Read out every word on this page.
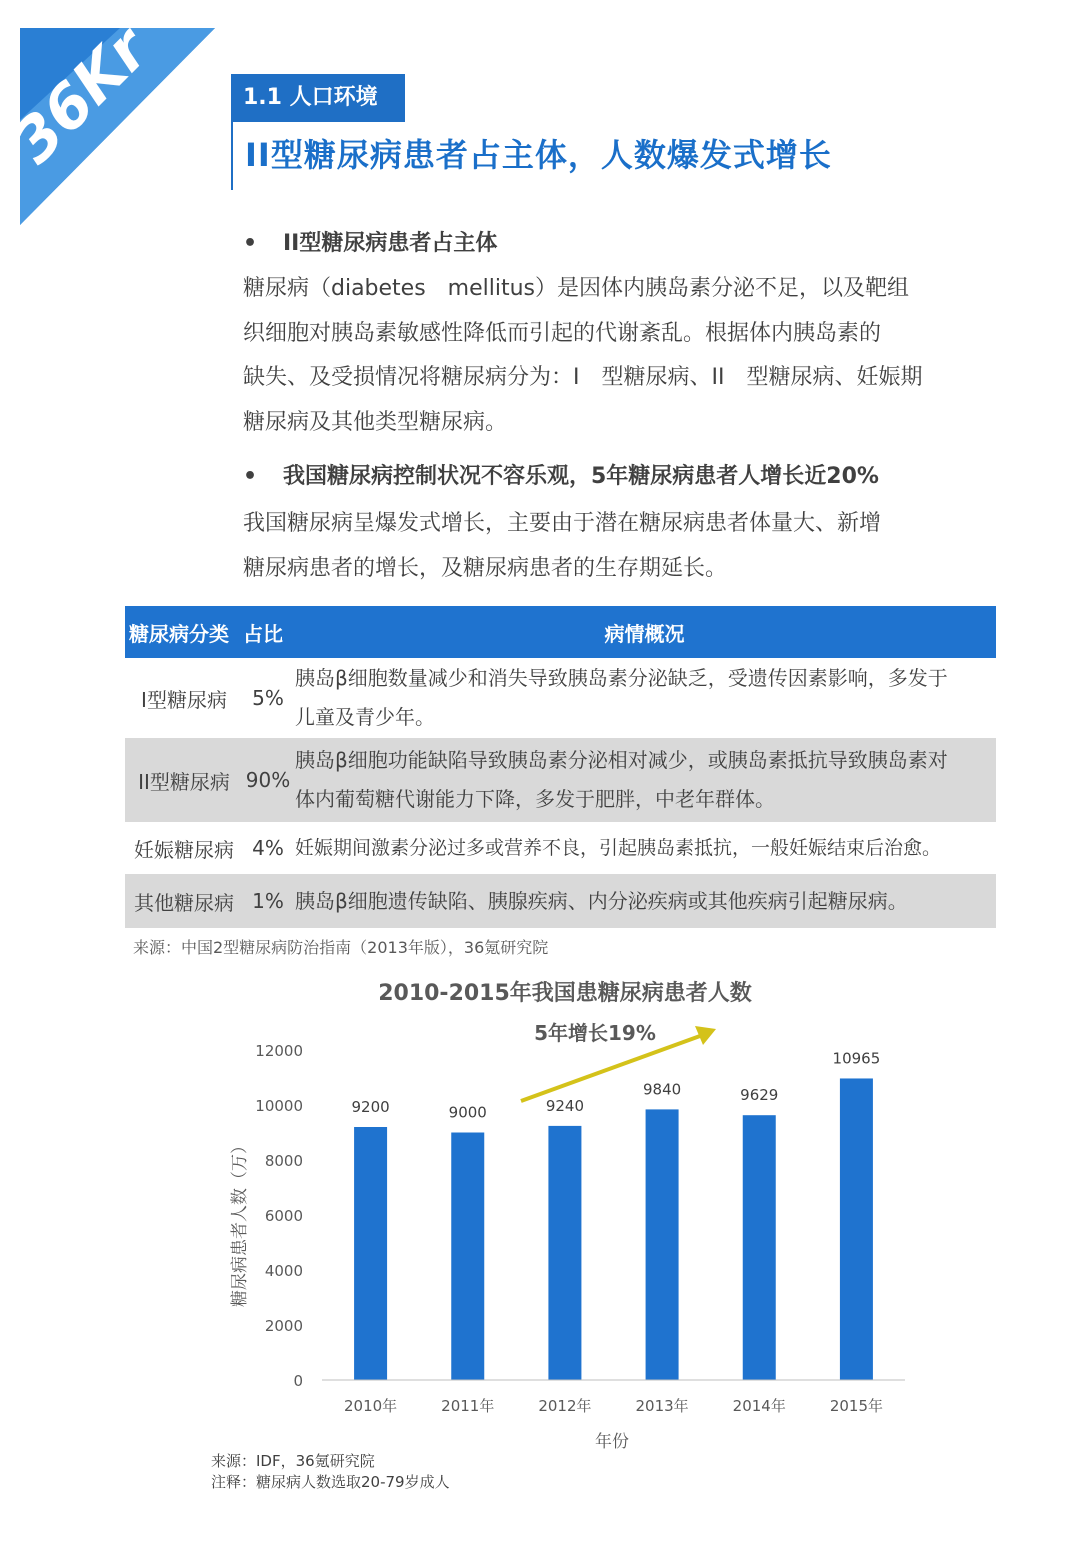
36Kr	1.1 人口环境
II型糖尿病患者占主体，人数爆发式增长
• II型糖尿病患者占主体
糖尿病（diabetes　mellitus）是因体内胰岛素分泌不足，以及靶组
织细胞对胰岛素敏感性降低而引起的代谢紊乱。根据体内胰岛素的
缺失、及受损情况将糖尿病分为：I　型糖尿病、II　型糖尿病、妊娠期
糖尿病及其他类型糖尿病。
• 我国糖尿病控制状况不容乐观，5年糖尿病患者人增长近20%
我国糖尿病呈爆发式增长，主要由于潜在糖尿病患者体量大、新增
糖尿病患者的增长，及糖尿病患者的生存期延长。
糖尿病分类	占比	病情概况
I型糖尿病	5%	胰岛β细胞数量减少和消失导致胰岛素分泌缺乏，受遗传因素影响，多发于
儿童及青少年。

II型糖尿病	90%	胰岛β细胞功能缺陷导致胰岛素分泌相对减少，或胰岛素抵抗导致胰岛素对
体内葡萄糖代谢能力下降，多发于肥胖，中老年群体。

妊娠糖尿病	4%	妊娠期间激素分泌过多或营养不良，引起胰岛素抵抗，一般妊娠结束后治愈。

其他糖尿病	1%	胰岛β细胞遗传缺陷、胰腺疾病、内分泌疾病或其他疾病引起糖尿病。
来源：中国2型糖尿病防治指南（2013年版），36氪研究院
2010-2015年我国患糖尿病患者人数
5年增长19%
0
2000
4000
6000
8000
10000
12000
9200	9000	9240
9840	9629
10965
2010年	2011年	2012年	2013年	2014年	2015年
年份
糖尿病患者人数（万）
来源：IDF，36氪研究院
注释：糖尿病人数选取20-79岁成人
